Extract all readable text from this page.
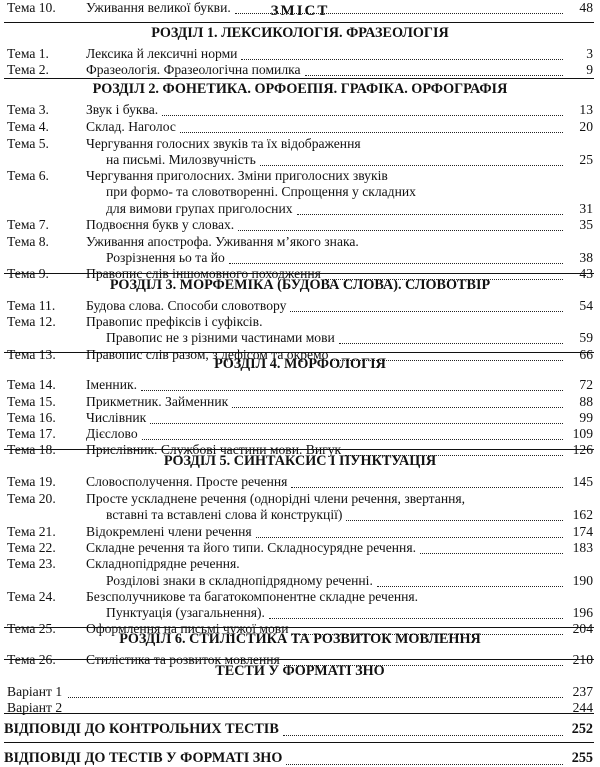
ЗМІСТ
РОЗДІЛ 1. ЛЕКСИКОЛОГІЯ. ФРАЗЕОЛОГІЯ
Тема 1.	Лексика й лексичні норми	3
Тема 2.	Фразеологія. Фразеологічна помилка	9
РОЗДІЛ 2. ФОНЕТИКА. ОРФОЕПІЯ. ГРАФІКА. ОРФОГРАФІЯ
Тема 3.	Звук і буква.	13
Тема 4.	Склад. Наголос	20
Тема 5.	Чергування голосних звуків та їх відображення
на письмі. Милозвучність	25
Тема 6.	Чергування приголосних. Зміни приголосних звуків
при формо- та словотворенні. Спрощення у складних
для вимови групах приголосних	31
Тема 7.	Подвоєння букв у словах.	35
Тема 8.	Уживання апострофа. Уживання м’якого знака.
Розрізнення ьо та йо	38
Тема 9.	Правопис слів іншомовного походження	43
Тема 10. Уживання великої букви.	48
РОЗДІЛ 3. МОРФЕМІКА (БУДОВА СЛОВА). СЛОВОТВІР
Тема 11. Будова слова. Способи словотвору	54
Тема 12. Правопис префіксів і суфіксів.
Правопис не з різними частинами мови	59
Тема 13. Правопис слів разом, з дефісом та окремо	66
РОЗДІЛ 4. МОРФОЛОГІЯ
Тема 14. Іменник.	72
Тема 15. Прикметник. Займенник	88
Тема 16. Числівник	99
Тема 17. Дієслово	109
Тема 18. Прислівник. Службові частини мови. Вигук	126
РОЗДІЛ 5. СИНТАКСИС І ПУНКТУАЦІЯ
Тема 19. Словосполучення. Просте речення	145
Тема 20. Просте ускладнене речення (однорідні члени речення, звертання,
вставні та вставлені слова й конструкції)	162
Тема 21. Відокремлені члени речення	174
Тема 22. Складне речення та його типи. Складносурядне речення.	183
Тема 23. Складнопідрядне речення.
Розділові знаки в складнопідрядному реченні.	190
Тема 24. Безсполучникове та багатокомпонентне складне речення.
Пунктуація (узагальнення).	196
Тема 25. Оформлення на письмі чужої мови	204
РОЗДІЛ 6. СТИЛІСТИКА ТА РОЗВИТОК МОВЛЕННЯ
Тема 26. Стилістика та розвиток мовлення	210
ТЕСТИ У ФОРМАТІ ЗНО
Варіант 1	237
Варіант 2	244
ВІДПОВІДІ ДО КОНТРОЛЬНИХ ТЕСТІВ	252
ВІДПОВІДІ ДО ТЕСТІВ У ФОРМАТІ ЗНО	255
